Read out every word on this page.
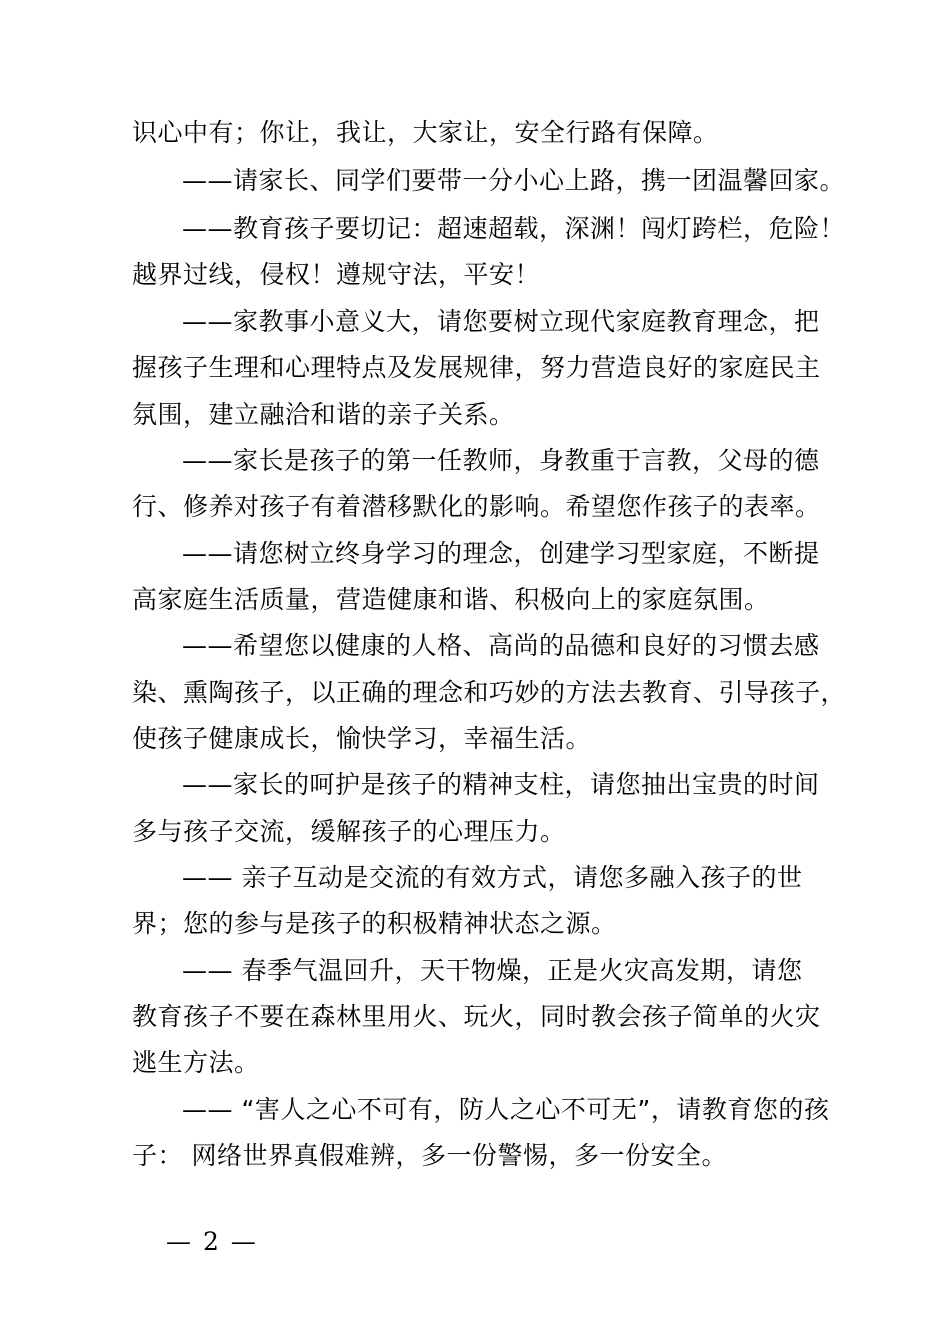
识心中有；你让，我让，大家让，安全行路有保障。
——请家长、同学们要带一分小心上路，携一团温馨回家。
——教育孩子要切记：超速超载，深渊！闯灯跨栏，危险！
越界过线，侵权！遵规守法，平安！
——家教事小意义大，请您要树立现代家庭教育理念，把
握孩子生理和心理特点及发展规律，努力营造良好的家庭民主
氛围，建立融洽和谐的亲子关系。
——家长是孩子的第一任教师，身教重于言教，父母的德
行、修养对孩子有着潜移默化的影响。希望您作孩子的表率。
——请您树立终身学习的理念，创建学习型家庭，不断提
高家庭生活质量，营造健康和谐、积极向上的家庭氛围。
——希望您以健康的人格、高尚的品德和良好的习惯去感
染、熏陶孩子，以正确的理念和巧妙的方法去教育、引导孩子，
使孩子健康成长，愉快学习，幸福生活。
——家长的呵护是孩子的精神支柱，请您抽出宝贵的时间
多与孩子交流，缓解孩子的心理压力。
—— 亲子互动是交流的有效方式，请您多融入孩子的世
界；您的参与是孩子的积极精神状态之源。
—— 春季气温回升，天干物燥，正是火灾高发期，请您
教育孩子不要在森林里用火、玩火，同时教会孩子简单的火灾
逃生方法。
—— “害人之心不可有，防人之心不可无”，请教育您的孩
子： 网络世界真假难辨，多一份警惕，多一份安全。
— 2 —
